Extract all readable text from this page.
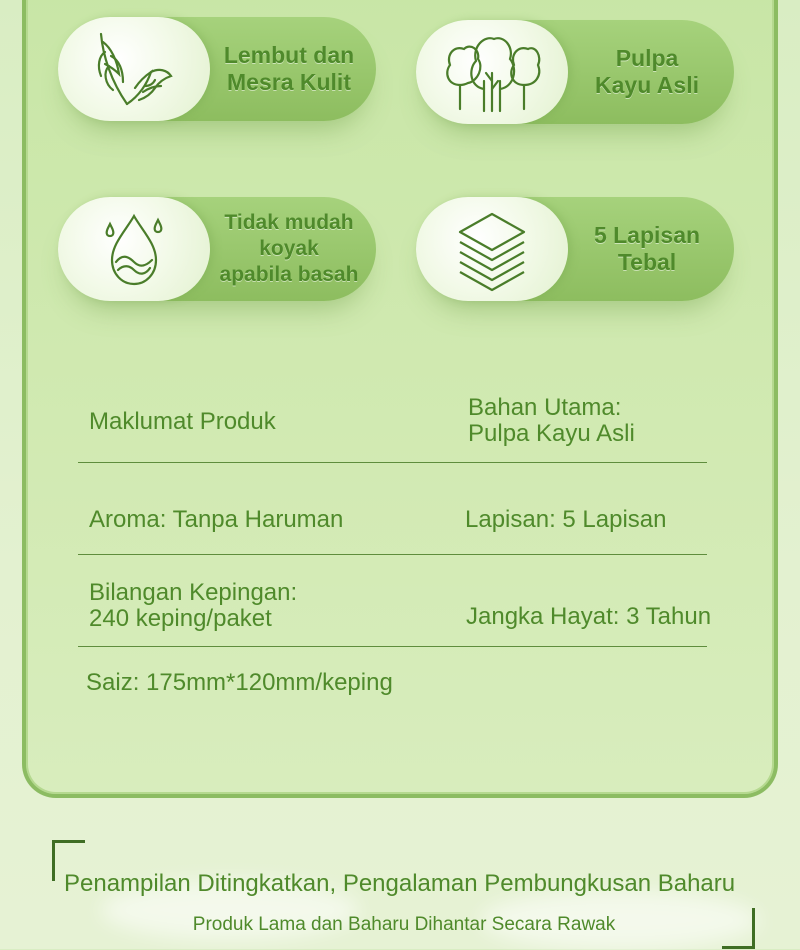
Lembut dan
Mesra Kulit
Pulpa
Kayu Asli
Tidak mudah
koyak
apabila basah
5 Lapisan
Tebal
Maklumat Produk
Bahan Utama:
Pulpa Kayu Asli
Aroma: Tanpa Haruman	Lapisan: 5 Lapisan
Bilangan Kepingan:
240 keping/paket	Jangka Hayat: 3 Tahun
Saiz: 175mm*120mm/keping
Penampilan Ditingkatkan, Pengalaman Pembungkusan Baharu
Produk Lama dan Baharu Dihantar Secara Rawak
